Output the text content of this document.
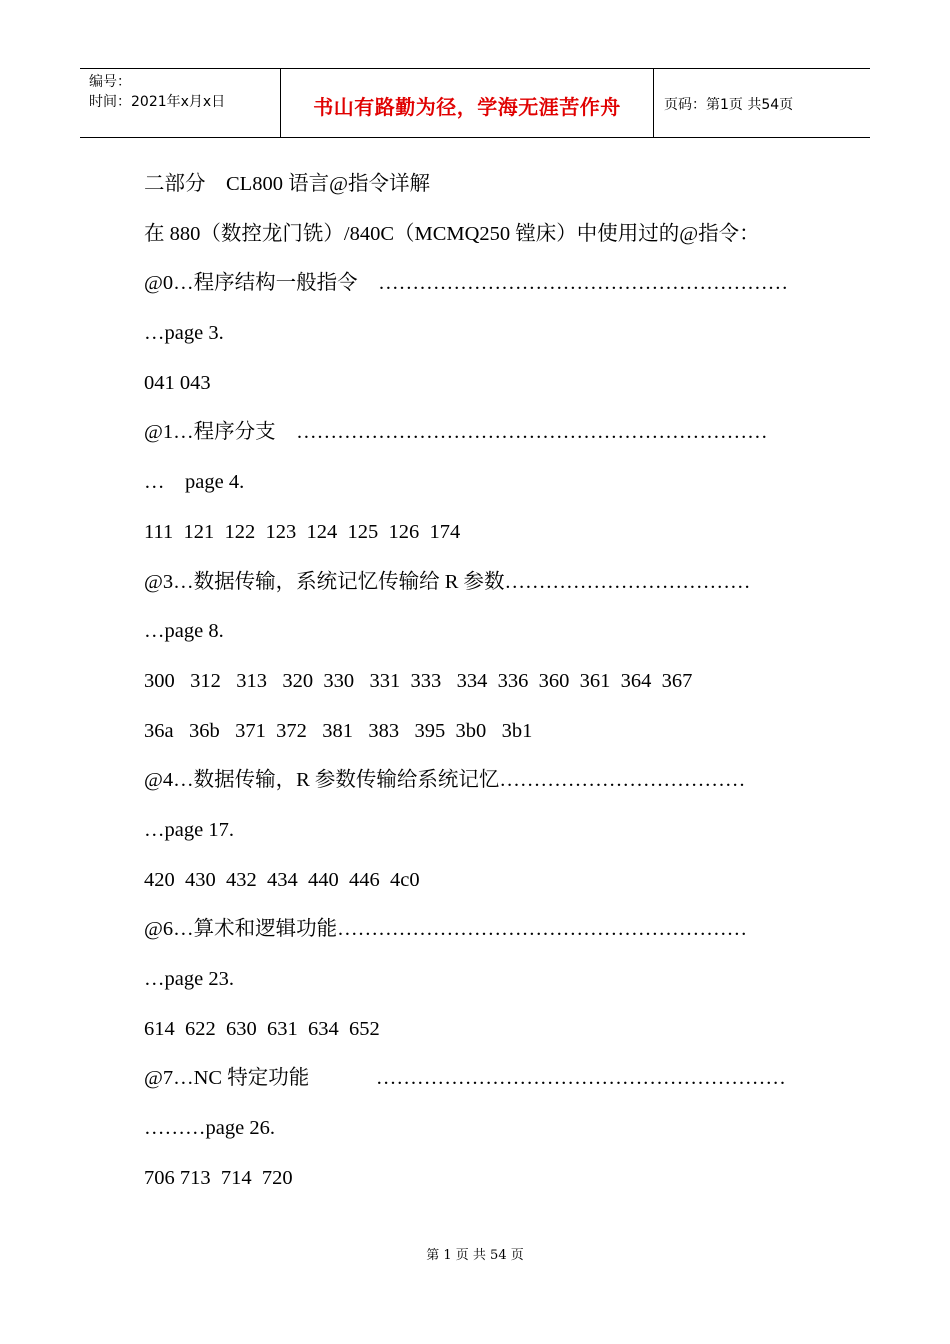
编号：
时间：2021年x月x日	书山有路勤为径，学海无涯苦作舟	页码：第1页 共54页
二部分    CL800 语言@指令详解
在 880（数控龙门铣）/840C（MCMQ250 镗床）中使用过的@指令：
@0…程序结构一般指令    ……………………………………………………
…page 3.
041 043
@1…程序分支    ……………………………………………………………
…    page 4.
111  121  122  123  124  125  126  174
@3…数据传输，系统记忆传输给 R 参数………………………………
…page 8.
300   312   313   320  330   331  333   334  336  360  361  364  367
36a   36b   371  372   381   383   395  3b0   3b1
@4…数据传输，R 参数传输给系统记忆………………………………
…page 17.
420  430  432  434  440  446  4c0
@6…算术和逻辑功能……………………………………………………
…page 23.
614  622  630  631  634  652
@7…NC 特定功能             ……………………………………………………
………page 26.
706 713  714  720
第 1 页 共 54 页
